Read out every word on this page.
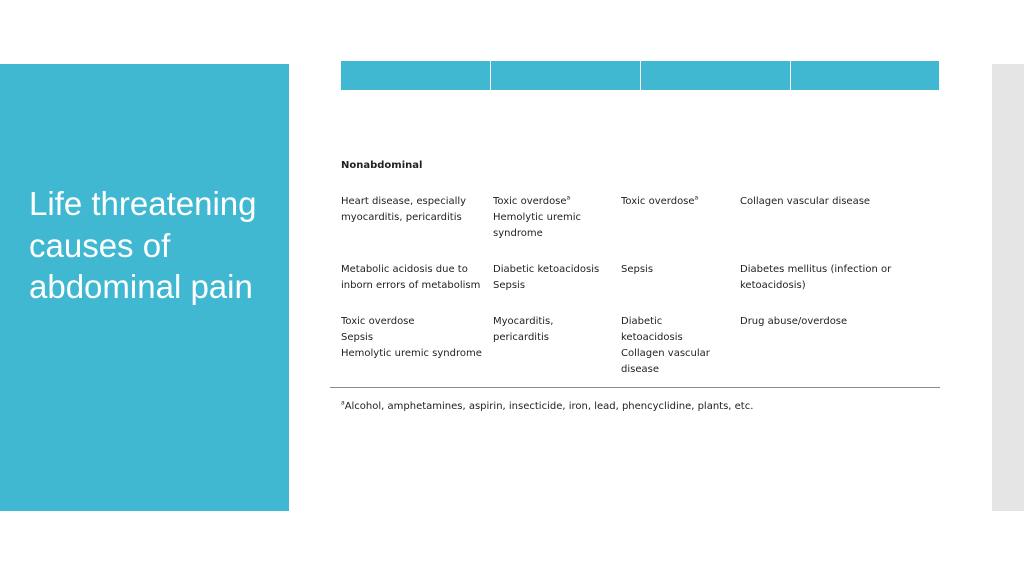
Life threatening causes of abdominal pain

Nonabdominal

Heart disease, especially
myocarditis, pericarditis

Toxic overdose$^a$
Hemolytic uremic
syndrome

Toxic overdose$^a$	Collagen vascular disease

Metabolic acidosis due to
inborn errors of metabolism

Diabetic ketoacidosis
Sepsis

Sepsis	Diabetes mellitus (infection or
ketoacidosis)

Toxic overdose
Sepsis
Hemolytic uremic syndrome

Myocarditis,
pericarditis

Diabetic
ketoacidosis
Collagen vascular
disease

Drug abuse/overdose

$^a$Alcohol, amphetamines, aspirin, insecticide, iron, lead, phencyclidine, plants, etc.
